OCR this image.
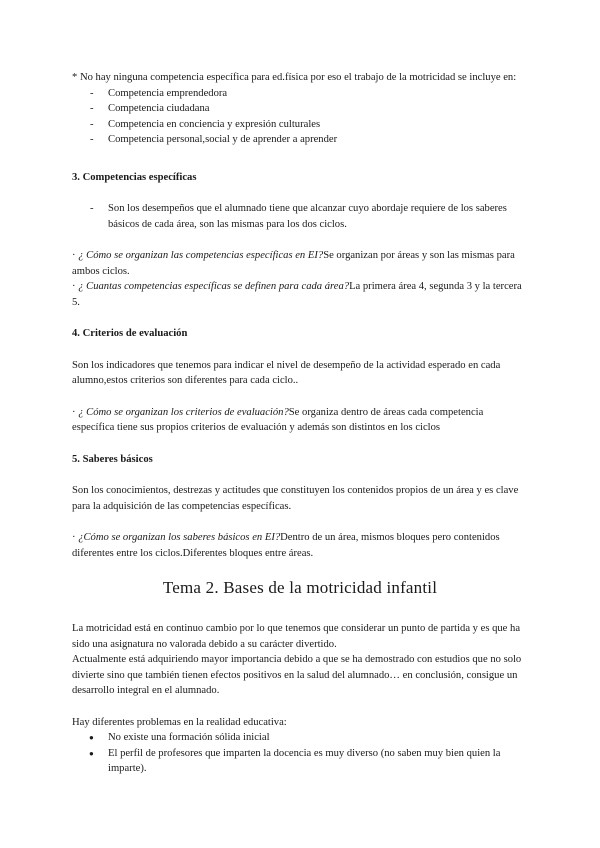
* No hay ninguna competencia específica para ed.física por eso el trabajo de la motricidad se incluye en:

- Competencia emprendedora
- Competencia ciudadana
- Competencia en conciencia y expresión culturales
- Competencia personal,social y de aprender a aprender
3. Competencias específicas
- Son los desempeños que el alumnado tiene que alcanzar cuyo abordaje requiere de los saberes básicos de cada área, son las mismas para los dos ciclos.

· ¿ Cómo se organizan las competencias específicas en EI?Se organizan por áreas y son las mismas para ambos ciclos.

· ¿ Cuantas competencias específicas se definen para cada área?La primera área 4, segunda 3 y la tercera 5.

4. Criterios de evaluación

Son los indicadores que tenemos para indicar el nivel de desempeño de la actividad esperado en cada alumno,estos criterios son diferentes para cada ciclo..

· ¿ Cómo se organizan los criterios de evaluación?Se organiza dentro de áreas cada competencia específica tiene sus propios criterios de evaluación y además son distintos en los ciclos

5. Saberes básicos

Son los conocimientos, destrezas y actitudes que constituyen los contenidos propios de un área y es clave para la adquisición de las competencias específicas.

· ¿Cómo se organizan los saberes básicos en EI?Dentro de un área, mismos bloques pero contenidos diferentes entre los ciclos.Diferentes bloques entre áreas.

Tema 2. Bases de la motricidad infantil

La motricidad está en continuo cambio por lo que tenemos que considerar un punto de partida y es que ha sido una asignatura no valorada debido a su carácter divertido.

Actualmente está adquiriendo mayor importancia debido a que se ha demostrado con estudios que no solo divierte sino que también tienen efectos positivos en la salud del alumnado… en conclusión, consigue un desarrollo integral en el alumnado.

Hay diferentes problemas en la realidad educativa:

● No existe una formación sólida inicial
● El perfil de profesores que imparten la docencia es muy diverso (no saben muy bien quien la imparte).
